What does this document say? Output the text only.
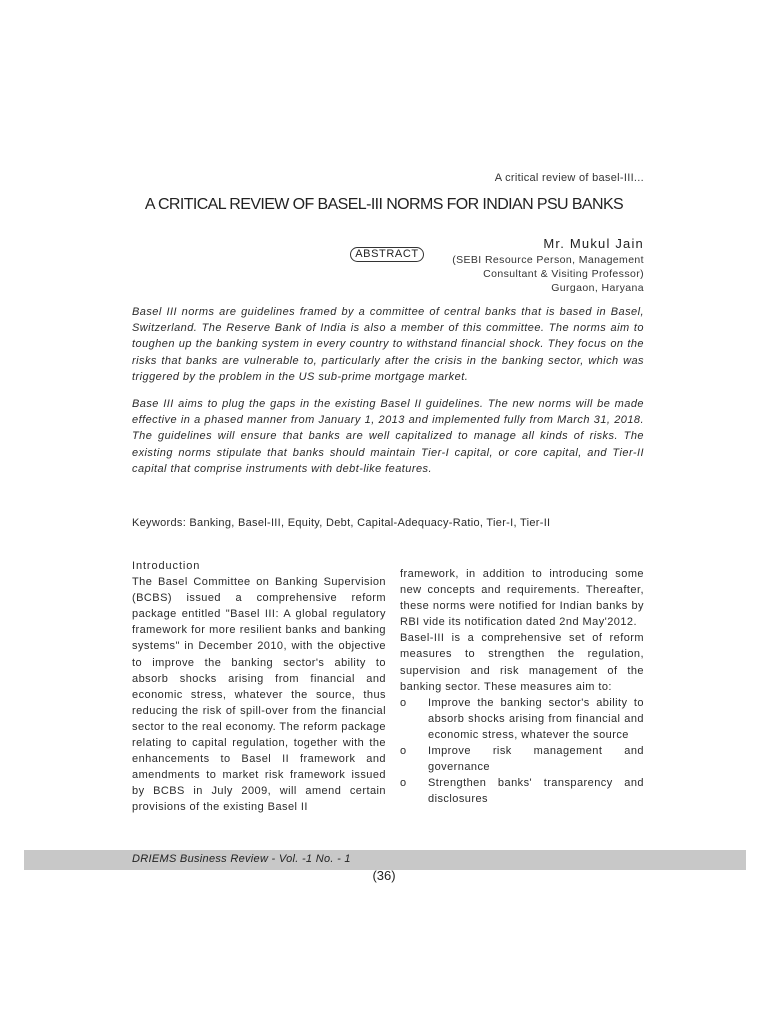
A critical review of basel-III...
A CRITICAL REVIEW OF BASEL-III NORMS FOR INDIAN PSU BANKS
Mr. Mukul Jain
ABSTRACT	(SEBI Resource Person, Management
Consultant & Visiting Professor)
Gurgaon, Haryana

Basel III norms are guidelines framed by a committee of central banks that is based in Basel, Switzerland. The Reserve Bank of India is also a member of this committee. The norms aim to toughen up the banking system in every country to withstand financial shock. They focus on the risks that banks are vulnerable to, particularly after the crisis in the banking sector, which was triggered by the problem in the US sub-prime mortgage market.

Base III aims to plug the gaps in the existing Basel II guidelines. The new norms will be made effective in a phased manner from January 1, 2013 and implemented fully from March 31, 2018. The guidelines will ensure that banks are well capitalized to manage all kinds of risks. The existing norms stipulate that banks should maintain Tier-I capital, or core capital, and Tier-II capital that comprise instruments with debt-like features.

Keywords: Banking, Basel-III, Equity, Debt, Capital-Adequacy-Ratio, Tier-I, Tier-II
Introduction

The Basel Committee on Banking Supervision (BCBS) issued a comprehensive reform package entitled "Basel III: A global regulatory framework for more resilient banks and banking systems" in December 2010, with the objective to improve the banking sector's ability to absorb shocks arising from financial and economic stress, whatever the source, thus reducing the risk of spill-over from the financial sector to the real economy. The reform package relating to capital regulation, together with the enhancements to Basel II framework and amendments to market risk framework issued by BCBS in July 2009, will amend certain provisions of the existing Basel II

framework, in addition to introducing some new concepts and requirements. Thereafter, these norms were notified for Indian banks by RBI vide its notification dated 2nd May'2012.

Basel-III is a comprehensive set of reform measures to strengthen the regulation, supervision and risk management of the banking sector. These measures aim to:

o	Improve the banking sector's ability to absorb shocks arising from financial and economic stress, whatever the source
o	Improve risk management and governance
o	Strengthen banks' transparency and disclosures
DRIEMS Business Review - Vol. -1 No. - 1
(36)
